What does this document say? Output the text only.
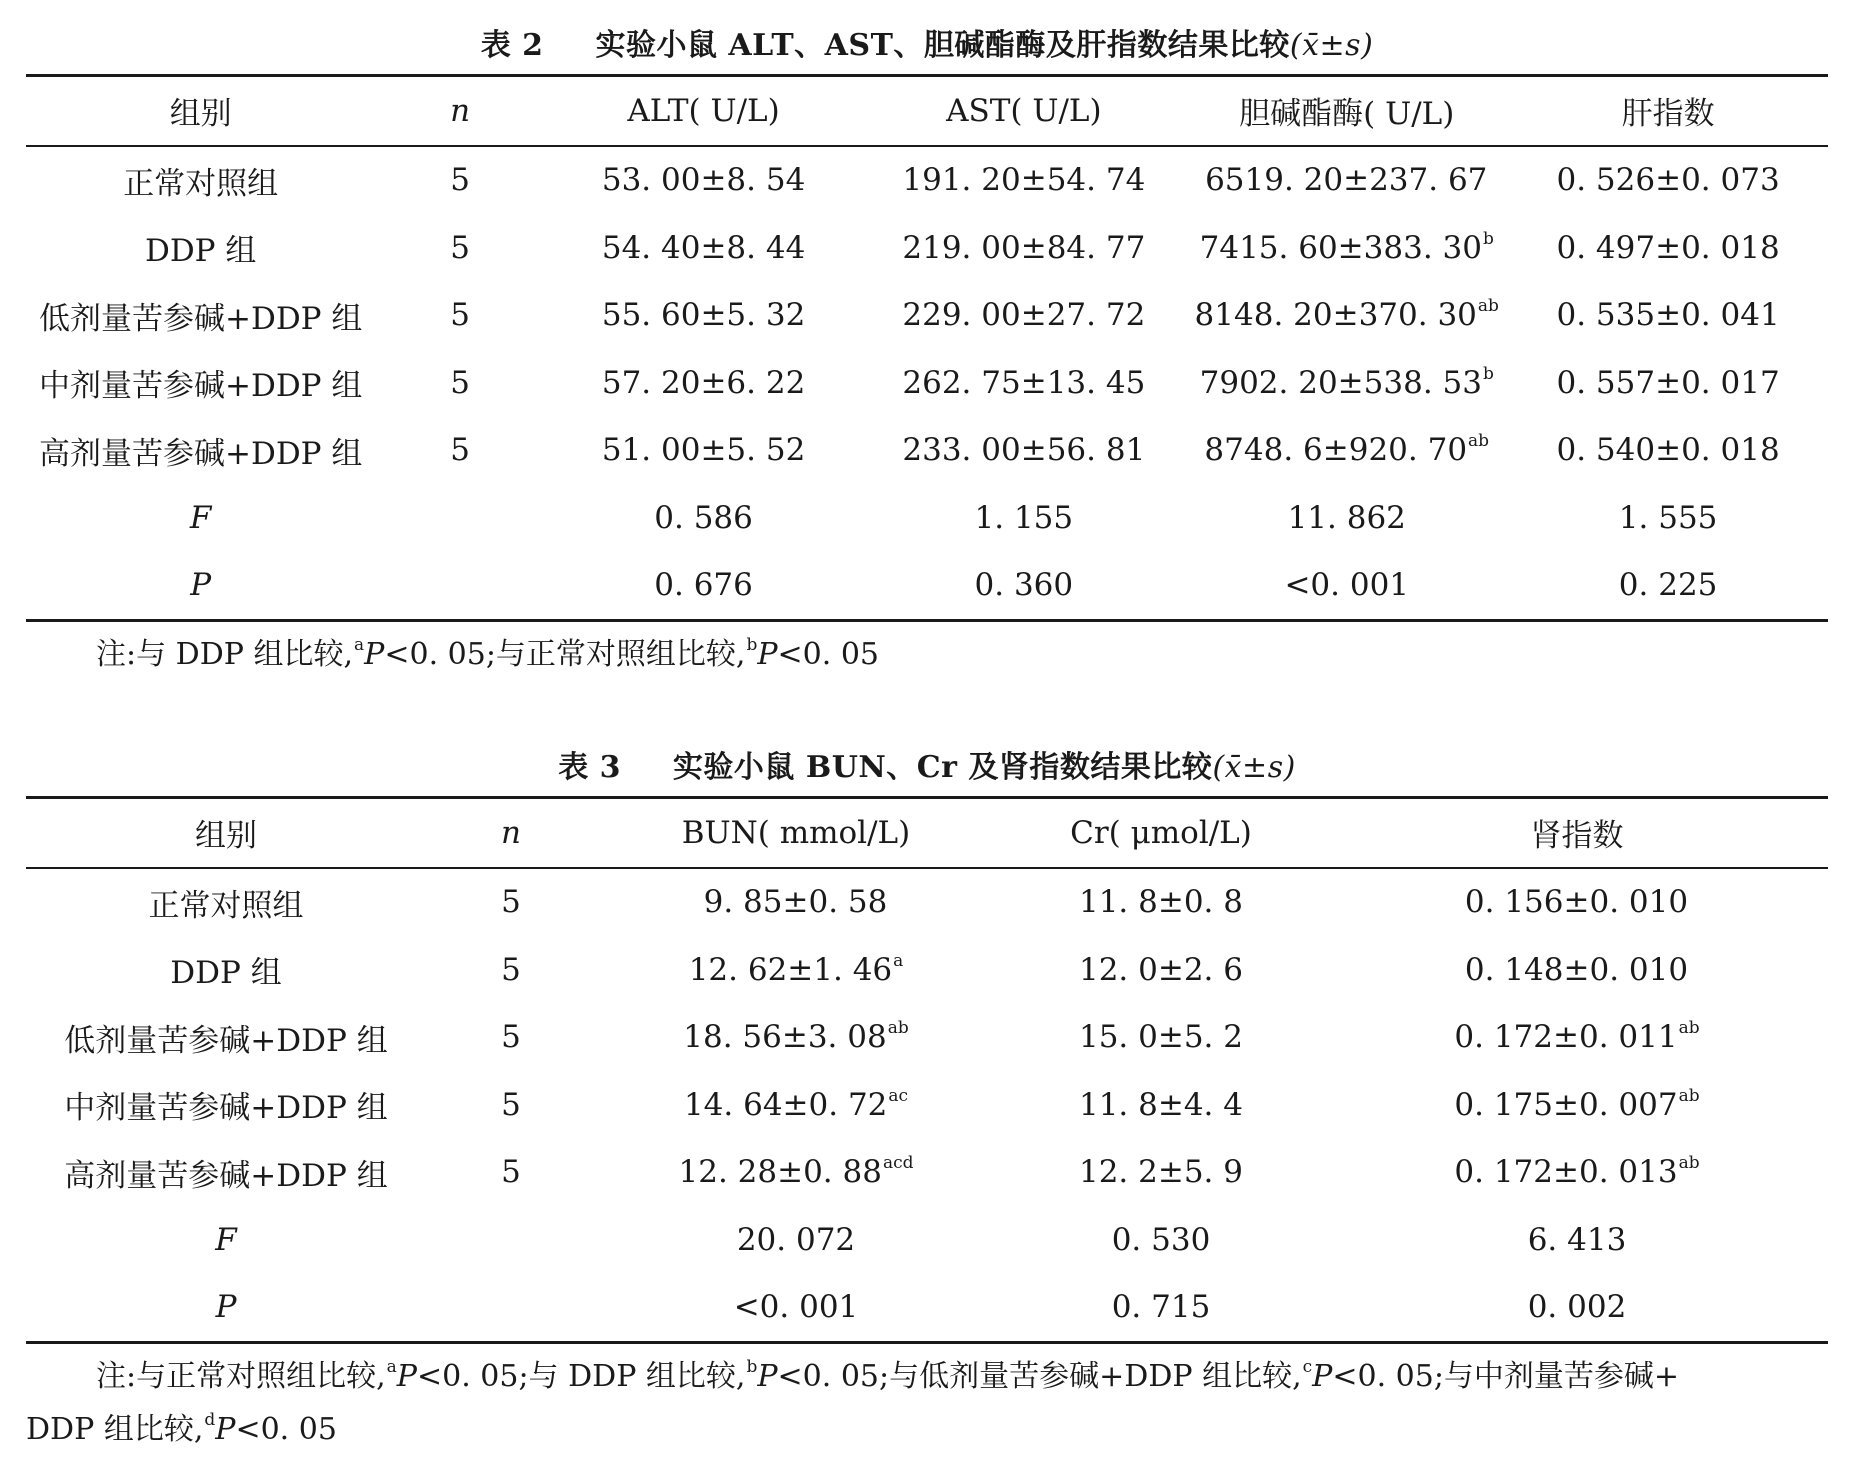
表 2 实验小鼠 ALT、AST、胆碱酯酶及肝指数结果比较(x̄±s)
组别	n	ALT( U/L)	AST( U/L)	胆碱酯酶( U/L)	肝指数
正常对照组	5	53. 00±8. 54	191. 20±54. 74	6519. 20±237. 67	0. 526±0. 073
DDP 组	5	54. 40±8. 44	219. 00±84. 77	7415. 60±383. 30$^b$	0. 497±0. 018
低剂量苦参碱+DDP 组	5	55. 60±5. 32	229. 00±27. 72	8148. 20±370. $30^{ab}$	0. 535±0. 041
中剂量苦参碱+DDP 组	5	57. 20±6. 22	262. 75±13. 45	7902. 20±538. 53$^b$	0. 557±0. 017
高剂量苦参碱+DDP 组	5	51. 00±5. 52	233. 00±56. 81	8748. 6±920. $70^{ab}$	0. 540±0. 018
F		0. 586	1. 155	11. 862	1. 555
P		0. 676	0. 360	<0. 001	0. 225
注:与 DDP 组比较,$^a$P<0. 05;与正常对照组比较,$^b$P<0. 05
表 3 实验小鼠 BUN、Cr 及肾指数结果比较(x̄±s)
组别	n	BUN( mmol/L)	Cr( μmol/L)	肾指数
正常对照组	5	9. 85±0. 58	11. 8±0. 8	0. 156±0. 010
DDP 组	5	12. 62±1. 46$^a$	12. 0±2. 6	0. 148±0. 010
低剂量苦参碱+DDP 组	5	18. 56±3. $08^{ab}$	15. 0±5. 2	0. 172±0. $011^{ab}$
中剂量苦参碱+DDP 组	5	14. 64±0. $72^{ac}$	11. 8±4. 4	0. 175±0. $007^{ab}$
高剂量苦参碱+DDP 组	5	12. 28±0. $88^{acd}$	12. 2±5. 9	0. 172±0. $013^{ab}$
F		20. 072	0. 530	6. 413
P		<0. 001	0. 715	0. 002
注:与正常对照组比较,$^a$P<0. 05;与 DDP 组比较,$^b$P<0. 05;与低剂量苦参碱+DDP 组比较,$^c$P<0. 05;与中剂量苦参碱+
DDP 组比较,$^d$P<0. 05
